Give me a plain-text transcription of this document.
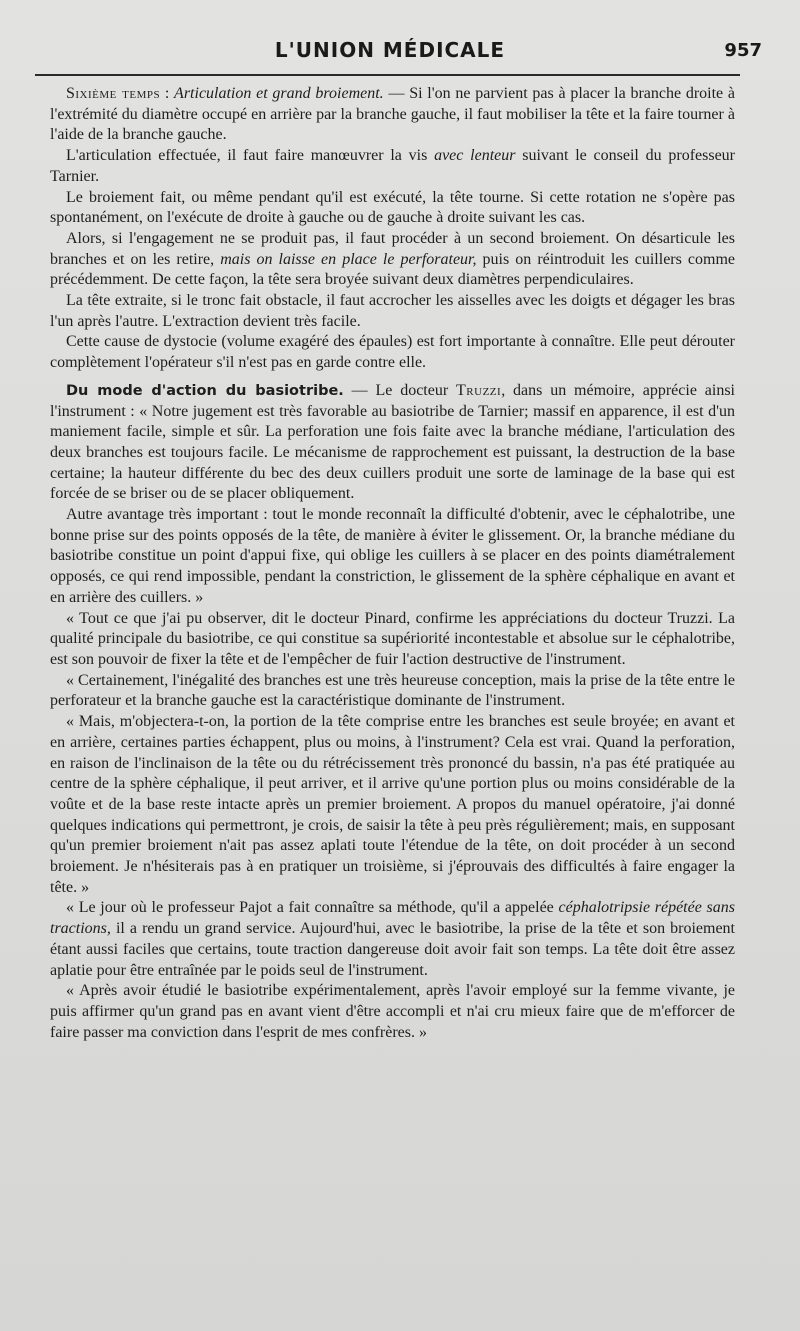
L'UNION MÉDICALE	957

Sixième temps : Articulation et grand broiement. — Si l'on ne parvient pas à placer la branche droite à l'extrémité du diamètre occupé en arrière par la branche gauche, il faut mobiliser la tête et la faire tourner à l'aide de la branche gauche.

L'articulation effectuée, il faut faire manœuvrer la vis avec lenteur suivant le conseil du professeur Tarnier.

Le broiement fait, ou même pendant qu'il est exécuté, la tête tourne. Si cette rotation ne s'opère pas spontanément, on l'exécute de droite à gauche ou de gauche à droite suivant les cas.

Alors, si l'engagement ne se produit pas, il faut procéder à un second broiement. On désarticule les branches et on les retire, mais on laisse en place le perforateur, puis on réintroduit les cuillers comme précédemment. De cette façon, la tête sera broyée suivant deux diamètres perpendiculaires.

La tête extraite, si le tronc fait obstacle, il faut accrocher les aisselles avec les doigts et dégager les bras l'un après l'autre. L'extraction devient très facile.

Cette cause de dystocie (volume exagéré des épaules) est fort importante à connaître. Elle peut dérouter complètement l'opérateur s'il n'est pas en garde contre elle.

Du mode d'action du basiotribe. — Le docteur Truzzi, dans un mémoire, apprécie ainsi l'instrument : « Notre jugement est très favorable au basiotribe de Tarnier; massif en apparence, il est d'un maniement facile, simple et sûr. La perforation une fois faite avec la branche médiane, l'articulation des deux branches est toujours facile. Le mécanisme de rapprochement est puissant, la destruction de la base certaine; la hauteur différente du bec des deux cuillers produit une sorte de laminage de la base qui est forcée de se briser ou de se placer obliquement.

Autre avantage très important : tout le monde reconnaît la difficulté d'obtenir, avec le céphalotribe, une bonne prise sur des points opposés de la tête, de manière à éviter le glissement. Or, la branche médiane du basiotribe constitue un point d'appui fixe, qui oblige les cuillers à se placer en des points diamétralement opposés, ce qui rend impossible, pendant la constriction, le glissement de la sphère céphalique en avant et en arrière des cuillers. »

« Tout ce que j'ai pu observer, dit le docteur Pinard, confirme les appréciations du docteur Truzzi. La qualité principale du basiotribe, ce qui constitue sa supériorité incontestable et absolue sur le céphalotribe, est son pouvoir de fixer la tête et de l'empêcher de fuir l'action destructive de l'instrument.

« Certainement, l'inégalité des branches est une très heureuse conception, mais la prise de la tête entre le perforateur et la branche gauche est la caractéristique dominante de l'instrument.

« Mais, m'objectera-t-on, la portion de la tête comprise entre les branches est seule broyée; en avant et en arrière, certaines parties échappent, plus ou moins, à l'instrument? Cela est vrai. Quand la perforation, en raison de l'inclinaison de la tête ou du rétrécissement très prononcé du bassin, n'a pas été pratiquée au centre de la sphère céphalique, il peut arriver, et il arrive qu'une portion plus ou moins considérable de la voûte et de la base reste intacte après un premier broiement. A propos du manuel opératoire, j'ai donné quelques indications qui permettront, je crois, de saisir la tête à peu près régulièrement; mais, en supposant qu'un premier broiement n'ait pas assez aplati toute l'étendue de la tête, on doit procéder à un second broiement. Je n'hésiterais pas à en pratiquer un troisième, si j'éprouvais des difficultés à faire engager la tête. »

« Le jour où le professeur Pajot a fait connaître sa méthode, qu'il a appelée céphalotripsie répétée sans tractions, il a rendu un grand service. Aujourd'hui, avec le basiotribe, la prise de la tête et son broiement étant aussi faciles que certains, toute traction dangereuse doit avoir fait son temps. La tête doit être assez aplatie pour être entraînée par le poids seul de l'instrument.

« Après avoir étudié le basiotribe expérimentalement, après l'avoir employé sur la femme vivante, je puis affirmer qu'un grand pas en avant vient d'être accompli et n'ai cru mieux faire que de m'efforcer de faire passer ma conviction dans l'esprit de mes confrères. »
